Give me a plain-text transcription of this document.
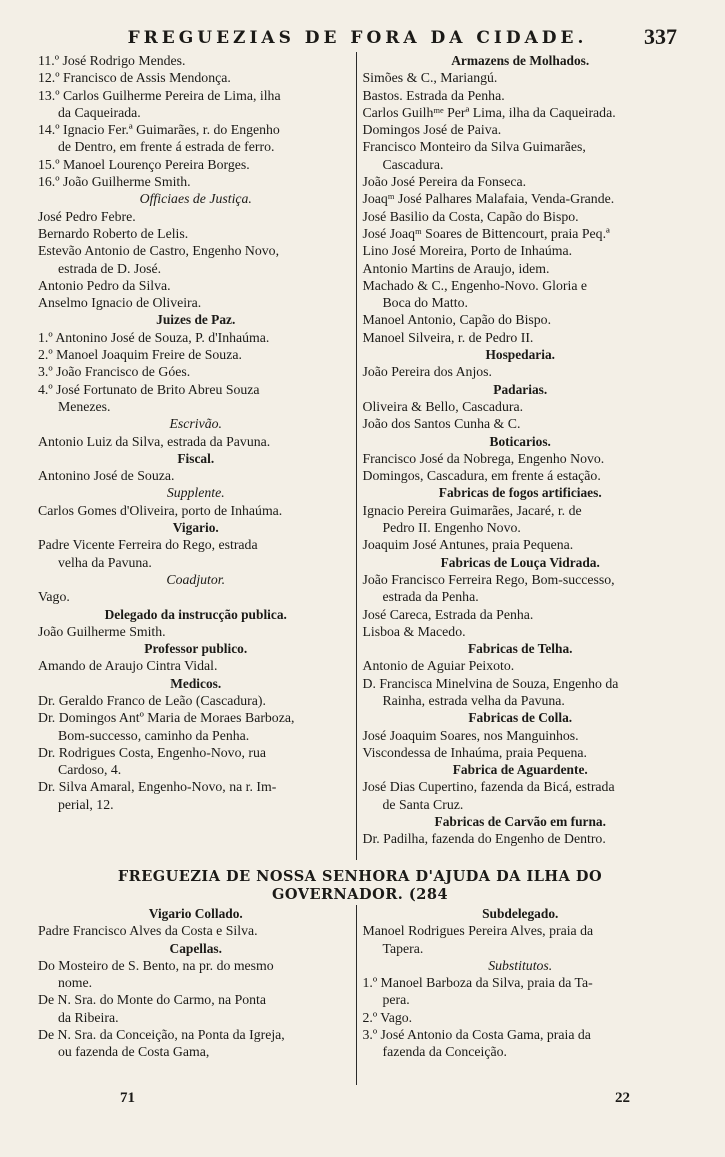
FREGUEZIAS DE FORA DA CIDADE.	337
11.º José Rodrigo Mendes.
12.º Francisco de Assis Mendonça.
13.º Carlos Guilherme Pereira de Lima, ilha
da Caqueirada.
14.º Ignacio Fer.ª Guimarães, r. do Engenho
de Dentro, em frente á estrada de ferro.
15.º Manoel Lourenço Pereira Borges.
16.º João Guilherme Smith.
Officiaes de Justiça.
José Pedro Febre.
Bernardo Roberto de Lelis.
Estevão Antonio de Castro, Engenho Novo,
estrada de D. José.
Antonio Pedro da Silva.
Anselmo Ignacio de Oliveira.
Juizes de Paz.
1.º Antonino José de Souza, P. d'Inhaúma.
2.º Manoel Joaquim Freire de Souza.
3.º João Francisco de Góes.
4.º José Fortunato de Brito Abreu Souza
Menezes.
Escrivão.
Antonio Luiz da Silva, estrada da Pavuna.
Fiscal.
Antonino José de Souza.
Supplente.
Carlos Gomes d'Oliveira, porto de Inhaúma.
Vigario.
Padre Vicente Ferreira do Rego, estrada
velha da Pavuna.
Coadjutor.
Vago.
Delegado da instrucção publica.
João Guilherme Smith.
Professor publico.
Amando de Araujo Cintra Vidal.
Medicos.
Dr. Geraldo Franco de Leão (Cascadura).
Dr. Domingos Antº Maria de Moraes Barboza,
Bom-successo, caminho da Penha.
Dr. Rodrigues Costa, Engenho-Novo, rua
Cardoso, 4.
Dr. Silva Amaral, Engenho-Novo, na r. Im-
perial, 12.
Armazens de Molhados.
Simões & C., Mariangú.
Bastos. Estrada da Penha.
Carlos Guilhᵐᵉ Perª Lima, ilha da Caqueirada.
Domingos José de Paiva.
Francisco Monteiro da Silva Guimarães,
Cascadura.
João José Pereira da Fonseca.
Joaqᵐ José Palhares Malafaia, Venda-Grande.
José Basilio da Costa, Capão do Bispo.
José Joaqᵐ Soares de Bittencourt, praia Peq.ª
Lino José Moreira, Porto de Inhaúma.
Antonio Martins de Araujo, idem.
Machado & C., Engenho-Novo. Gloria e
Boca do Matto.
Manoel Antonio, Capão do Bispo.
Manoel Silveira, r. de Pedro II.
Hospedaria.
João Pereira dos Anjos.
Padarias.
Oliveira & Bello, Cascadura.
João dos Santos Cunha & C.
Boticarios.
Francisco José da Nobrega, Engenho Novo.
Domingos, Cascadura, em frente á estação.
Fabricas de fogos artificiaes.
Ignacio Pereira Guimarães, Jacaré, r. de
Pedro II. Engenho Novo.
Joaquim José Antunes, praia Pequena.
Fabricas de Louça Vidrada.
João Francisco Ferreira Rego, Bom-successo,
estrada da Penha.
José Careca, Estrada da Penha.
Lisboa & Macedo.
Fabricas de Telha.
Antonio de Aguiar Peixoto.
D. Francisca Minelvina de Souza, Engenho da
Rainha, estrada velha da Pavuna.
Fabricas de Colla.
José Joaquim Soares, nos Manguinhos.
Viscondessa de Inhaúma, praia Pequena.
Fabrica de Aguardente.
José Dias Cupertino, fazenda da Bicá, estrada
de Santa Cruz.
Fabricas de Carvão em furna.
Dr. Padilha, fazenda do Engenho de Dentro.
FREGUEZIA DE NOSSA SENHORA D'AJUDA DA ILHA DO
GOVERNADOR. (284
Vigario Collado.
Padre Francisco Alves da Costa e Silva.
Capellas.
Do Mosteiro de S. Bento, na pr. do mesmo
nome.
De N. Sra. do Monte do Carmo, na Ponta
da Ribeira.
De N. Sra. da Conceição, na Ponta da Igreja,
ou fazenda de Costa Gama,
Subdelegado.
Manoel Rodrigues Pereira Alves, praia da
Tapera.
Substitutos.
1.º Manoel Barboza da Silva, praia da Ta-
pera.
2.º Vago.
3.º José Antonio da Costa Gama, praia da
fazenda da Conceição.
71	22
